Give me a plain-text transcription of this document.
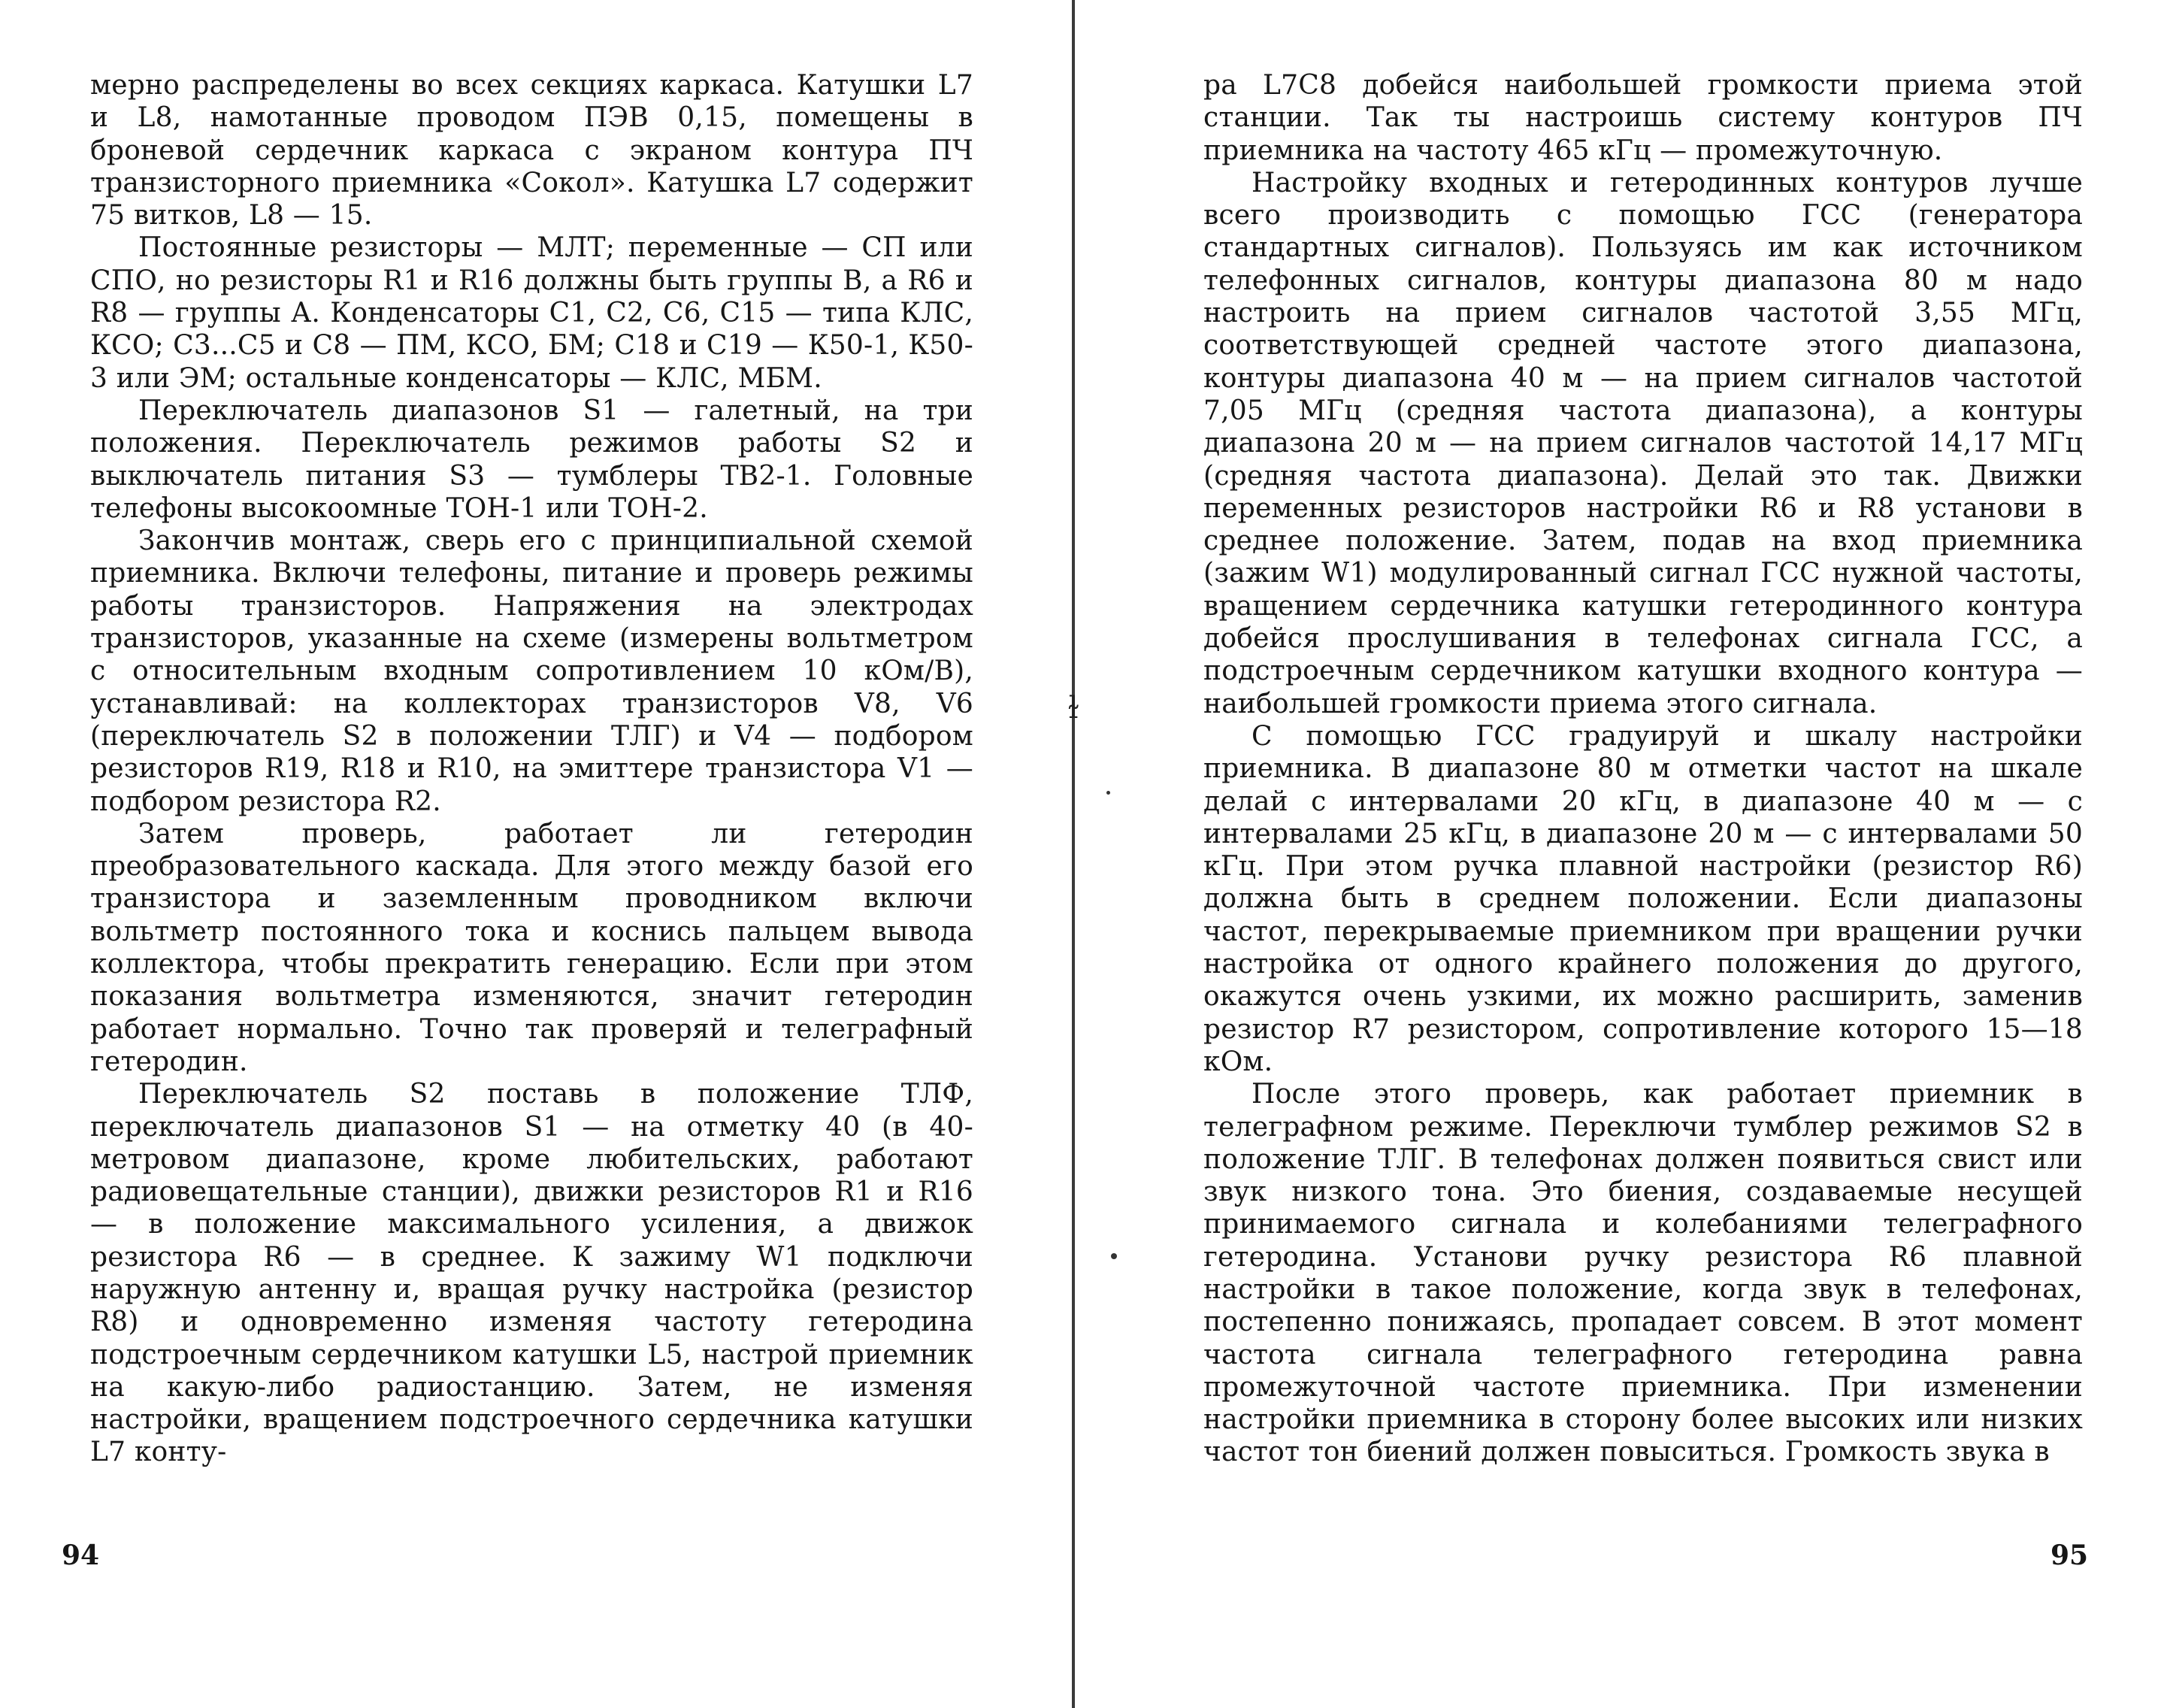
мерно распределены во всех секциях каркаса. Катушки L7 и L8, намотанные проводом ПЭВ 0,15, помещены в броневой сердечник каркаса с экраном контура ПЧ транзисторного приемника «Сокол». Катушка L7 содержит 75 витков, L8 — 15.

Постоянные резисторы — МЛТ; переменные — СП или СПО, но резисторы R1 и R16 должны быть группы В, а R6 и R8 — группы А. Конденсаторы C1, C2, C6, C15 — типа КЛС, КСО; С3...С5 и С8 — ПМ, КСО, БМ; С18 и С19 — К50-1, К50-3 или ЭМ; остальные конденсаторы — КЛС, МБМ.

Переключатель диапазонов S1 — галетный, на три положения. Переключатель режимов работы S2 и выключатель питания S3 — тумблеры ТВ2-1. Головные телефоны высокоомные ТОН-1 или ТОН-2.

Закончив монтаж, сверь его с принципиальной схемой приемника. Включи телефоны, питание и проверь режимы работы транзисторов. Напряжения на электродах транзисторов, указанные на схеме (измерены вольтметром с относительным входным сопротивлением 10 кОм/В), устанавливай: на коллекторах транзисторов V8, V6 (переключатель S2 в положении ТЛГ) и V4 — подбором резисторов R19, R18 и R10, на эмиттере транзистора V1 — подбором резистора R2.

Затем проверь, работает ли гетеродин преобразовательного каскада. Для этого между базой его транзистора и заземленным проводником включи вольтметр постоянного тока и коснись пальцем вывода коллектора, чтобы прекратить генерацию. Если при этом показания вольтметра изменяются, значит гетеродин работает нормально. Точно так проверяй и телеграфный гетеродин.

Переключатель S2 поставь в положение ТЛФ, переключатель диапазонов S1 — на отметку 40 (в 40-метровом диапазоне, кроме любительских, работают радиовещательные станции), движки резисторов R1 и R16 — в положение максимального усиления, а движок резистора R6 — в среднее. К зажиму W1 подключи наружную антенну и, вращая ручку настройка (резистор R8) и одновременно изменяя частоту гетеродина подстроечным сердечником катушки L5, настрой приемник на какую-либо радиостанцию. Затем, не изменяя настройки, вращением подстроечного сердечника катушки L7 конту-

94
ɫ

ра L7C8 добейся наибольшей громкости приема этой станции. Так ты настроишь систему контуров ПЧ приемника на частоту 465 кГц — промежуточную.

Настройку входных и гетеродинных контуров лучше всего производить с помощью ГСС (генератора стандартных сигналов). Пользуясь им как источником телефонных сигналов, контуры диапазона 80 м надо настроить на прием сигналов частотой 3,55 МГц, соответствующей средней частоте этого диапазона, контуры диапазона 40 м — на прием сигналов частотой 7,05 МГц (средняя частота диапазона), а контуры диапазона 20 м — на прием сигналов частотой 14,17 МГц (средняя частота диапазона). Делай это так. Движки переменных резисторов настройки R6 и R8 установи в среднее положение. Затем, подав на вход приемника (зажим W1) модулированный сигнал ГСС нужной частоты, вращением сердечника катушки гетеродинного контура добейся прослушивания в телефонах сигнала ГСС, а подстроечным сердечником катушки входного контура — наибольшей громкости приема этого сигнала.

С помощью ГСС градуируй и шкалу настройки приемника. В диапазоне 80 м отметки частот на шкале делай с интервалами 20 кГц, в диапазоне 40 м — с интервалами 25 кГц, в диапазоне 20 м — с интервалами 50 кГц. При этом ручка плавной настройки (резистор R6) должна быть в среднем положении. Если диапазоны частот, перекрываемые приемником при вращении ручки настройка от одного крайнего положения до другого, окажутся очень узкими, их можно расширить, заменив резистор R7 резистором, сопротивление которого 15—18 кОм.

После этого проверь, как работает приемник в телеграфном режиме. Переключи тумблер режимов S2 в положение ТЛГ. В телефонах должен появиться свист или звук низкого тона. Это биения, создаваемые несущей принимаемого сигнала и колебаниями телеграфного гетеродина. Установи ручку резистора R6 плавной настройки в такое положение, когда звук в телефонах, постепенно понижаясь, пропадает совсем. В этот момент частота сигнала телеграфного гетеродина равна промежуточной частоте приемника. При изменении настройки приемника в сторону более высоких или низких частот тон биений должен повыситься. Громкость звука в

95
